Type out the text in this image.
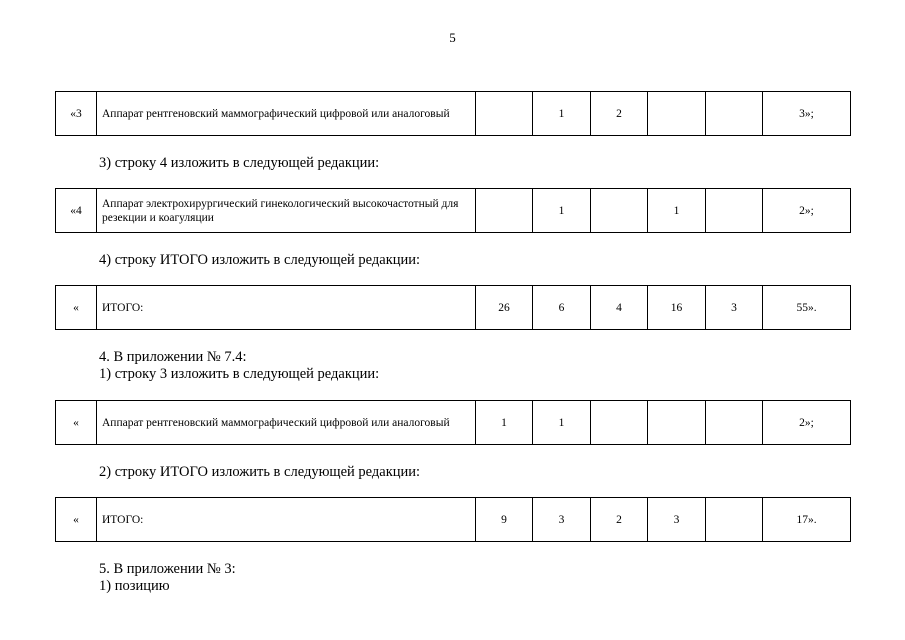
5
«3	Аппарат рентгеновский маммографический цифровой или аналоговый		1	2			3»;
3) строку 4 изложить в следующей редакции:
«4	Аппарат электрохирургический гинекологический высокочастотный для резекции и коагуляции		1		1		2»;
4) строку ИТОГО изложить в следующей редакции:
«	ИТОГО:	26	6	4	16	3	55».
4. В приложении № 7.4:
1) строку 3 изложить в следующей редакции:
«	Аппарат рентгеновский маммографический цифровой или аналоговый	1	1				2»;
2) строку ИТОГО изложить в следующей редакции:
«	ИТОГО:	9	3	2	3		17».
5. В приложении № 3:
1) позицию
